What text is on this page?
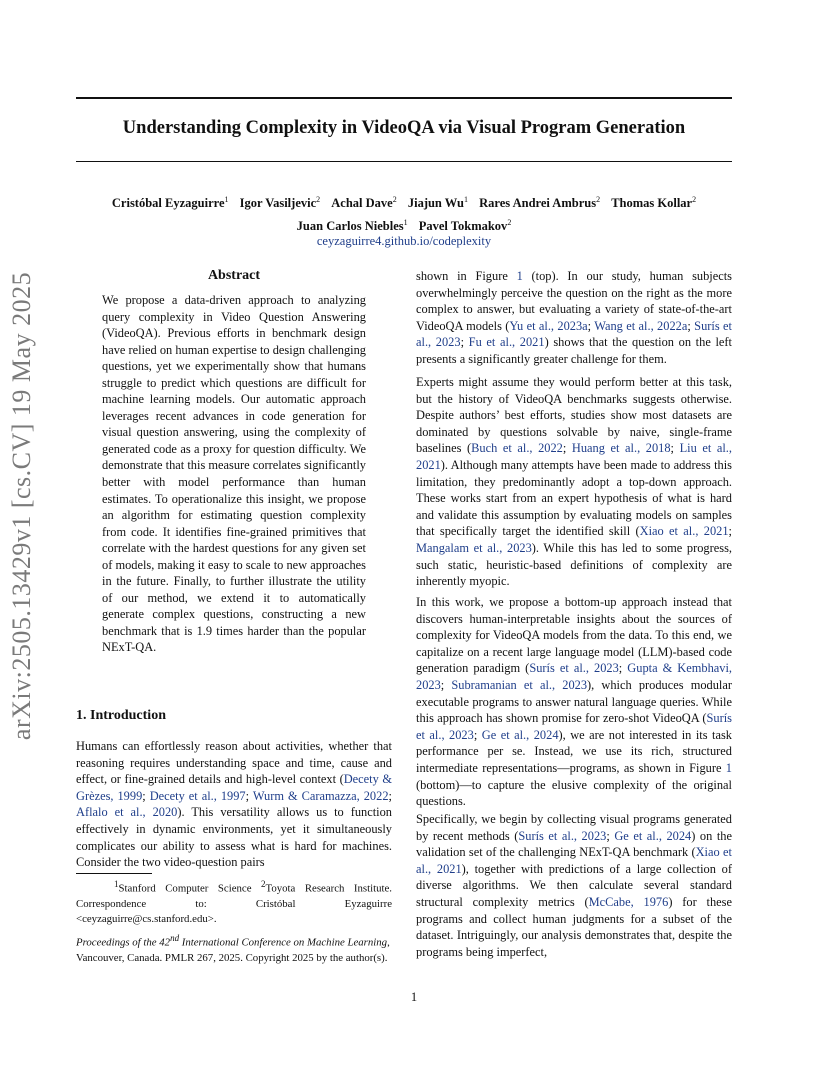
arXiv:2505.13429v1 [cs.CV] 19 May 2025
Understanding Complexity in VideoQA via Visual Program Generation
Cristóbal Eyzaguirre$^1$ Igor Vasiljevic$^2$ Achal Dave$^2$ Jiajun Wu$^1$ Rares Andrei Ambrus$^2$ Thomas Kollar$^2$
Juan Carlos Niebles$^1$ Pavel Tokmakov$^2$
ceyzaguirre4.github.io/codeplexity
Abstract

We propose a data-driven approach to analyzing query complexity in Video Question Answering (VideoQA). Previous efforts in benchmark design have relied on human expertise to design challenging questions, yet we experimentally show that humans struggle to predict which questions are difficult for machine learning models. Our automatic approach leverages recent advances in code generation for visual question answering, using the complexity of generated code as a proxy for question difficulty. We demonstrate that this measure correlates significantly better with model performance than human estimates. To operationalize this insight, we propose an algorithm for estimating question complexity from code. It identifies fine-grained primitives that correlate with the hardest questions for any given set of models, making it easy to scale to new approaches in the future. Finally, to further illustrate the utility of our method, we extend it to automatically generate complex questions, constructing a new benchmark that is 1.9 times harder than the popular NExT-QA.

1. Introduction

Humans can effortlessly reason about activities, whether that reasoning requires understanding space and time, cause and effect, or fine-grained details and high-level context (Decety & Grèzes, 1999; Decety et al., 1997; Wurm & Caramazza, 2022; Aflalo et al., 2020). This versatility allows us to function effectively in dynamic environments, yet it simultaneously complicates our ability to assess what is hard for machines. Consider the two video-question pairs

$^1$Stanford Computer Science $^2$Toyota Research Institute. Correspondence to: Cristóbal Eyzaguirre <ceyzaguirre@cs.stanford.edu>.

Proceedings of the 42nd International Conference on Machine Learning, Vancouver, Canada. PMLR 267, 2025. Copyright 2025 by the author(s).

shown in Figure 1 (top). In our study, human subjects overwhelmingly perceive the question on the right as the more complex to answer, but evaluating a variety of state-of-the-art VideoQA models (Yu et al., 2023a; Wang et al., 2022a; Surís et al., 2023; Fu et al., 2021) shows that the question on the left presents a significantly greater challenge for them.

Experts might assume they would perform better at this task, but the history of VideoQA benchmarks suggests otherwise. Despite authors’ best efforts, studies show most datasets are dominated by questions solvable by naive, single-frame baselines (Buch et al., 2022; Huang et al., 2018; Liu et al., 2021). Although many attempts have been made to address this limitation, they predominantly adopt a top-down approach. These works start from an expert hypothesis of what is hard and validate this assumption by evaluating models on samples that specifically target the identified skill (Xiao et al., 2021; Mangalam et al., 2023). While this has led to some progress, such static, heuristic-based definitions of complexity are inherently myopic.

In this work, we propose a bottom-up approach instead that discovers human-interpretable insights about the sources of complexity for VideoQA models from the data. To this end, we capitalize on a recent large language model (LLM)-based code generation paradigm (Surís et al., 2023; Gupta & Kembhavi, 2023; Subramanian et al., 2023), which produces modular executable programs to answer natural language queries. While this approach has shown promise for zero-shot VideoQA (Surís et al., 2023; Ge et al., 2024), we are not interested in its task performance per se. Instead, we use its rich, structured intermediate representations—programs, as shown in Figure 1 (bottom)—to capture the elusive complexity of the original questions.

Specifically, we begin by collecting visual programs generated by recent methods (Surís et al., 2023; Ge et al., 2024) on the validation set of the challenging NExT-QA benchmark (Xiao et al., 2021), together with predictions of a large collection of diverse algorithms. We then calculate several standard structural complexity metrics (McCabe, 1976) for these programs and collect human judgments for a subset of the dataset. Intriguingly, our analysis demonstrates that, despite the programs being imperfect,

1
